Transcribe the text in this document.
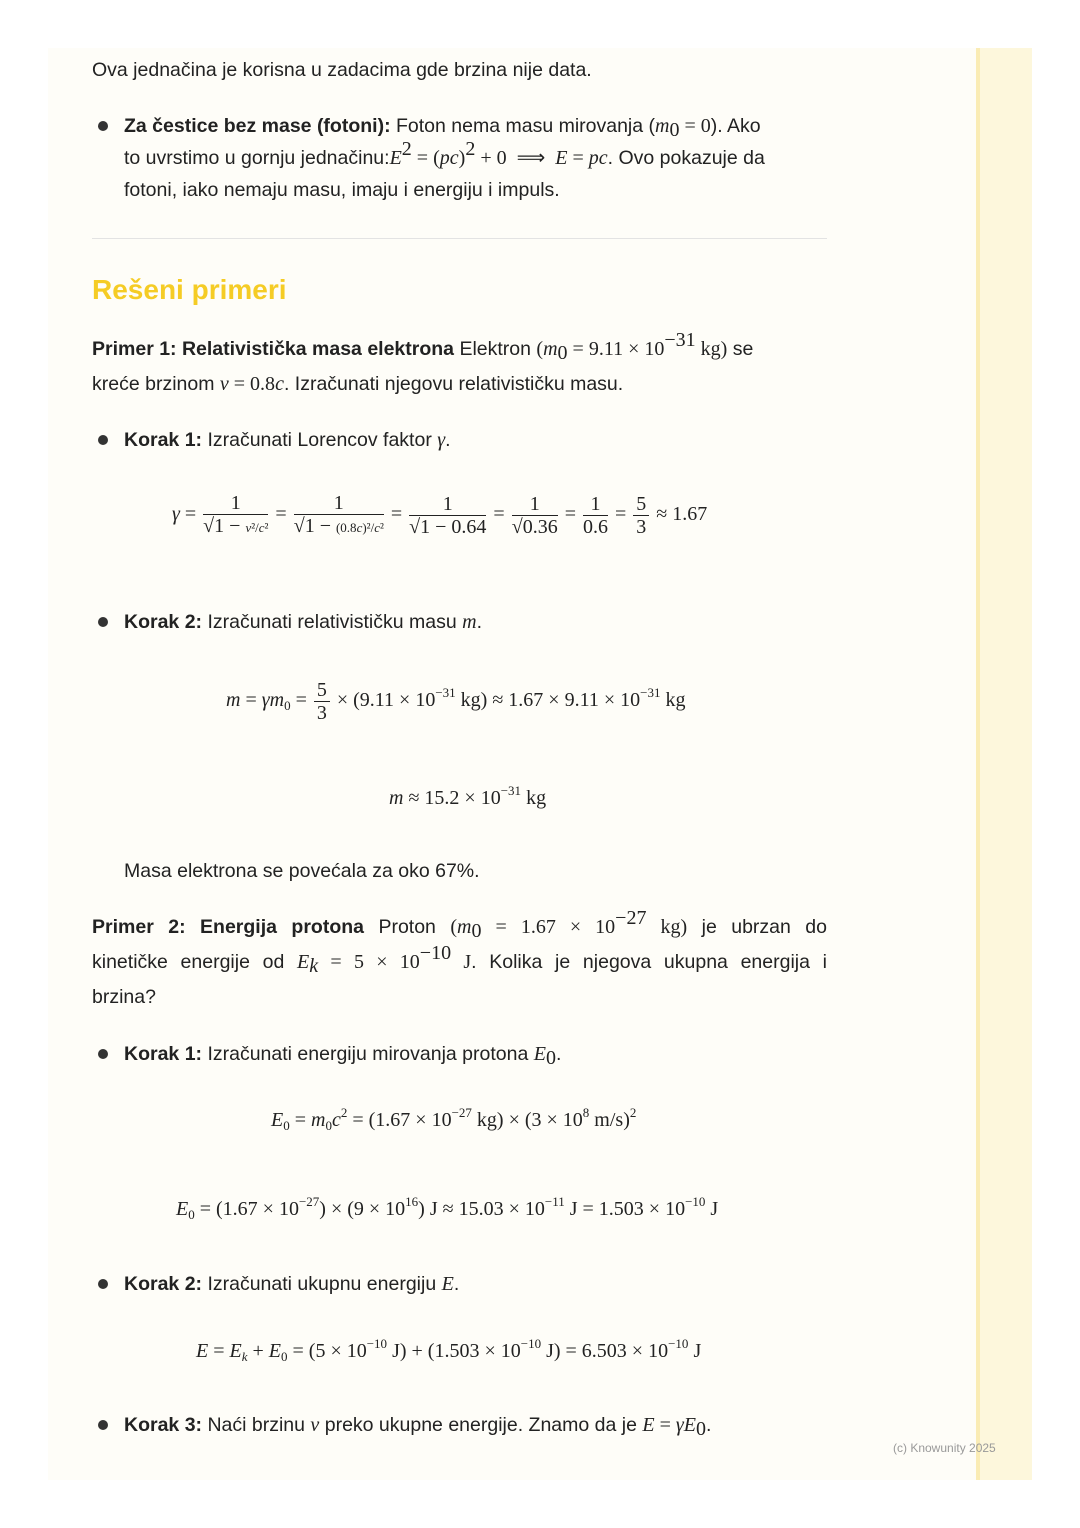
Ova jednačina je korisna u zadacima gde brzina nije data.
Za čestice bez mase (fotoni): Foton nema masu mirovanja $(m_0 = 0)$. Ako
to uvrstimo u gornju $jednačinu:E^2 = (pc)^2 + 0$  ⟹  E = pc. Ovo pokazuje da
fotoni, iako nemaju masu, imaju i energiju i impuls.
Rešeni primeri
Primer 1: Relativistička masa elektrona Elektron ($m_0 = 9.11 \times 10^{-31}$ kg) se
kreće brzinom v = 0.8c. Izračunati njegovu relativističku masu.
Korak 1: Izračunati Lorencov faktor γ.
$\gamma = \frac{1}{\text{√1 − v²/c²}} = \frac{1}{\text{√1 − (0.8c)²/c²}} = \frac{1}{√1 - 0.64} = \frac{1}{√0.36} = \frac{1}{0.6} = \frac{5}{3} \approx 1.67$
Korak 2: Izračunati relativističku masu m.
$m = \gamma m_0 = \frac{5}{3} \times (9.11 \times 10^{-31}$ $kg) \approx 1.67 \times 9.11 \times 10^{-31}$ kg
$m \approx 15.2 \times 10^{-31}$ kg
Masa elektrona se povećala za oko 67%.
Primer 2: Energija protona Proton ($m_0 = 1.67 \times 10^{-27}$ kg) je ubrzan do
kinetičke energije od $E_k = 5 \times 10^{-10}$ J. Kolika je njegova ukupna energija i
brzina?
Korak 1: Izračunati energiju mirovanja protona $E_0$.
$E_0 = m_0c^2 = (1.67 \times 10^{-27}$ $kg) \times (3 \times 10^8$ m/s)$^2$
$E_0 = (1.67 \times 10^{-27}) \times (9 \times 10^{16}) J \approx 15.03 \times 10^{-11}$ $J = 1.503 \times 10^{-10}$ J
Korak 2: Izračunati ukupnu energiju E.
$E = E_k + E_0 = (5 \times 10^{-10}$ $J) + (1.503 \times 10^{-10}$ $J) = 6.503 \times 10^{-10}$ J
Korak 3: Naći brzinu v preko ukupne energije. Znamo da je $E = \gamma E_0$.
(c) Knowunity 2025
